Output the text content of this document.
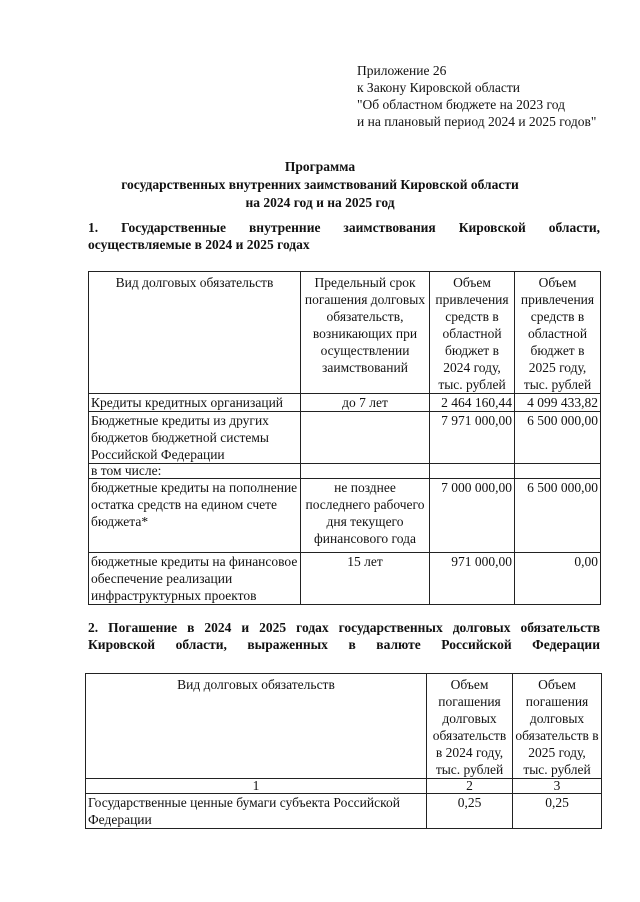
Приложение 26
к Закону Кировской области
"Об областном бюджете на 2023 год
и на плановый период 2024 и 2025 годов"
Программа
государственных внутренних заимствований Кировской области
на 2024 год и на 2025 год
1. Государственные внутренние заимствования Кировской области,
осуществляемые в 2024 и 2025 годах
Вид долговых обязательств	Предельный срок погашения долговых обязательств, возникающих при осуществлении заимствований	Объем привлечения средств в областной бюджет в 2024 году, тыс. рублей	Объем привлечения средств в областной бюджет в 2025 году, тыс. рублей
Кредиты кредитных организаций	до 7 лет	2 464 160,44	4 099 433,82
Бюджетные кредиты из других бюджетов бюджетной системы Российской Федерации		7 971 000,00	6 500 000,00
в том числе:			
бюджетные кредиты на пополнение остатка средств на едином счете бюджета*	не позднее последнего рабочего дня текущего финансового года	7 000 000,00	6 500 000,00
бюджетные кредиты на финансовое обеспечение реализации инфраструктурных проектов	15 лет	971 000,00	0,00
2. Погашение в 2024 и 2025 годах государственных долговых обязательств
Кировской области, выраженных в валюте Российской Федерации
Вид долговых обязательств	Объем погашения долговых обязательств в 2024 году, тыс. рублей	Объем погашения долговых обязательств в 2025 году, тыс. рублей
1	2	3
Государственные ценные бумаги субъекта Российской Федерации	0,25	0,25
